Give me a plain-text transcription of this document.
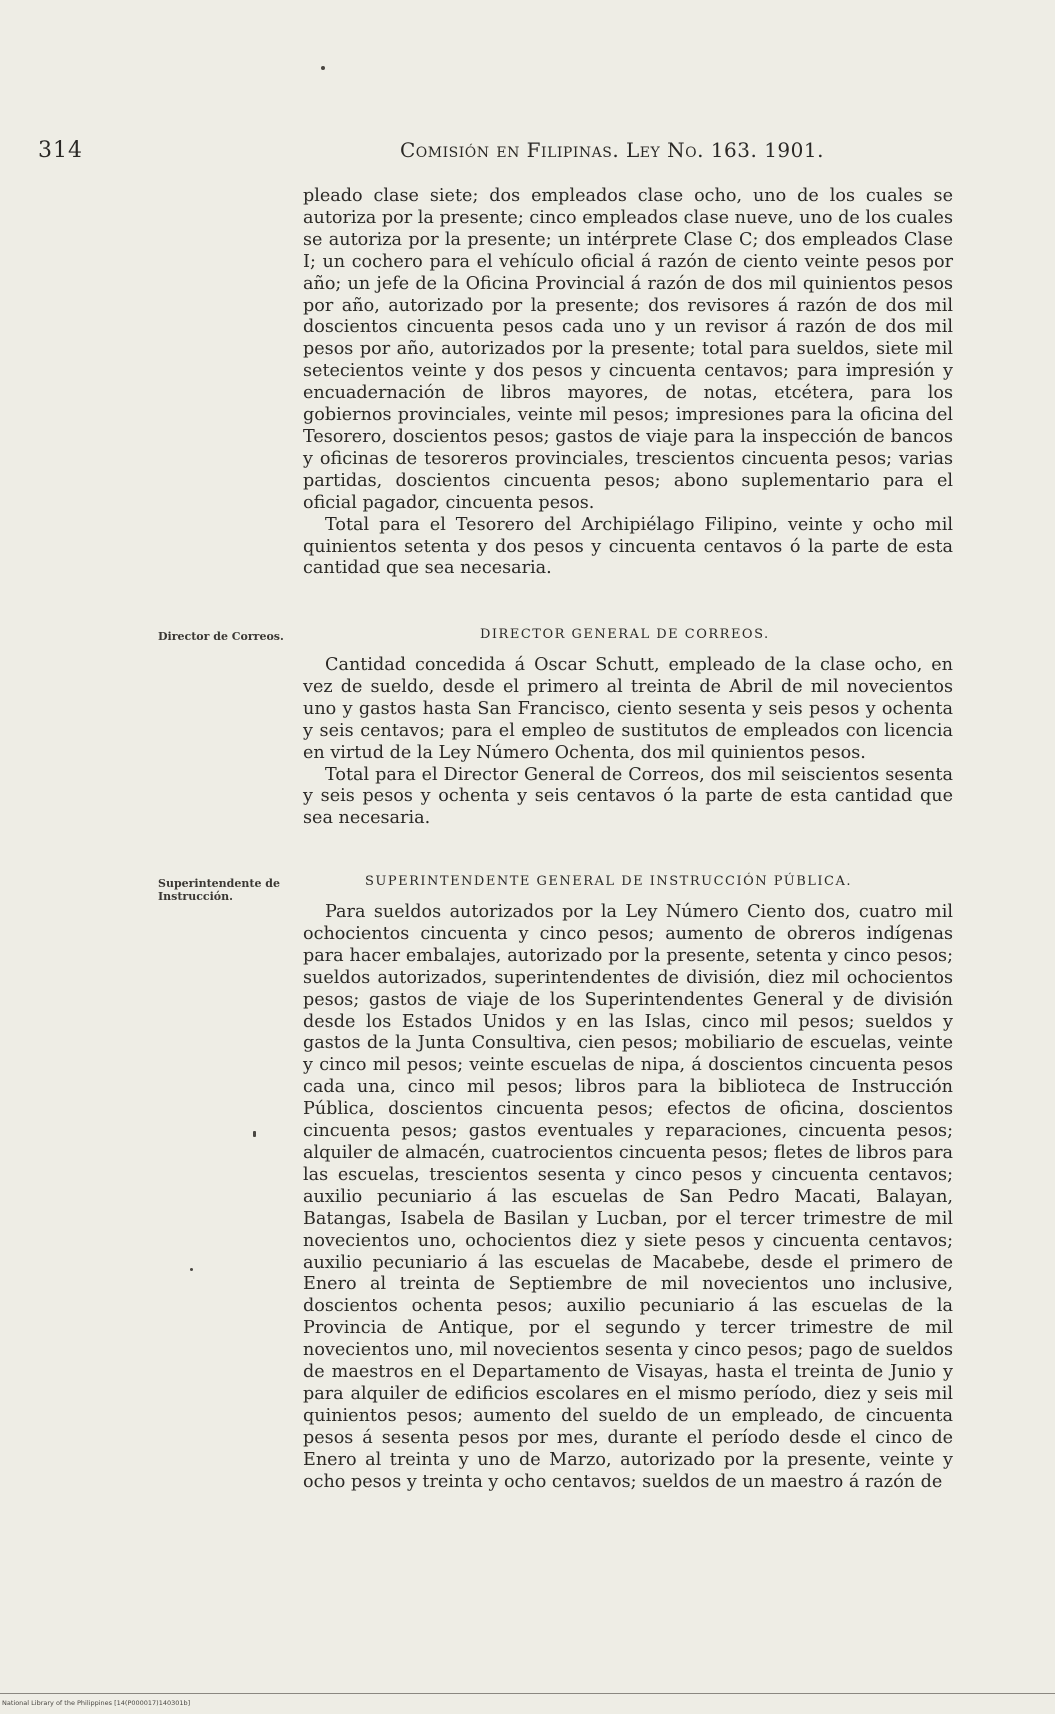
314	Comisión en Filipinas. Ley No. 163. 1901.

pleado clase siete; dos empleados clase ocho, uno de los cuales se autoriza por la presente; cinco empleados clase nueve, uno de los cuales se autoriza por la presente; un intérprete Clase C; dos empleados Clase I; un cochero para el vehículo oficial á razón de ciento veinte pesos por año; un jefe de la Oficina Provincial á razón de dos mil quinientos pesos por año, autorizado por la presente; dos revisores á razón de dos mil doscientos cincuenta pesos cada uno y un revisor á razón de dos mil pesos por año, autorizados por la presente; total para sueldos, siete mil setecientos veinte y dos pesos y cincuenta centavos; para impresión y encuadernación de libros mayores, de notas, etcétera, para los gobiernos provinciales, veinte mil pesos; impresiones para la oficina del Tesorero, doscientos pesos; gastos de viaje para la inspección de bancos y oficinas de tesoreros provinciales, trescientos cincuenta pesos; varias partidas, doscientos cincuenta pesos; abono suplementario para el oficial pagador, cincuenta pesos.

Total para el Tesorero del Archipiélago Filipino, veinte y ocho mil quinientos setenta y dos pesos y cincuenta centavos ó la parte de esta cantidad que sea necesaria.

Director de Correos.	DIRECTOR GENERAL DE CORREOS.

Cantidad concedida á Oscar Schutt, empleado de la clase ocho, en vez de sueldo, desde el primero al treinta de Abril de mil novecientos uno y gastos hasta San Francisco, ciento sesenta y seis pesos y ochenta y seis centavos; para el empleo de sustitutos de empleados con licencia en virtud de la Ley Número Ochenta, dos mil quinientos pesos.

Total para el Director General de Correos, dos mil seiscientos sesenta y seis pesos y ochenta y seis centavos ó la parte de esta cantidad que sea necesaria.

Superintendente de Instrucción.
SUPERINTENDENTE GENERAL DE INSTRUCCIÓN PÚBLICA.

Para sueldos autorizados por la Ley Número Ciento dos, cuatro mil ochocientos cincuenta y cinco pesos; aumento de obreros indígenas para hacer embalajes, autorizado por la presente, setenta y cinco pesos; sueldos autorizados, superintendentes de división, diez mil ochocientos pesos; gastos de viaje de los Superintendentes General y de división desde los Estados Unidos y en las Islas, cinco mil pesos; sueldos y gastos de la Junta Consultiva, cien pesos; mobiliario de escuelas, veinte y cinco mil pesos; veinte escuelas de nipa, á doscientos cincuenta pesos cada una, cinco mil pesos; libros para la biblioteca de Instrucción Pública, doscientos cincuenta pesos; efectos de oficina, doscientos cincuenta pesos; gastos eventuales y reparaciones, cincuenta pesos; alquiler de almacén, cuatrocientos cincuenta pesos; fletes de libros para las escuelas, trescientos sesenta y cinco pesos y cincuenta centavos; auxilio pecuniario á las escuelas de San Pedro Macati, Balayan, Batangas, Isabela de Basilan y Lucban, por el tercer trimestre de mil novecientos uno, ochocientos diez y siete pesos y cincuenta centavos; auxilio pecuniario á las escuelas de Macabebe, desde el primero de Enero al treinta de Septiembre de mil novecientos uno inclusive, doscientos ochenta pesos; auxilio pecuniario á las escuelas de la Provincia de Antique, por el segundo y tercer trimestre de mil novecientos uno, mil novecientos sesenta y cinco pesos; pago de sueldos de maestros en el Departamento de Visayas, hasta el treinta de Junio y para alquiler de edificios escolares en el mismo período, diez y seis mil quinientos pesos; aumento del sueldo de un empleado, de cincuenta pesos á sesenta pesos por mes, durante el período desde el cinco de Enero al treinta y uno de Marzo, autorizado por la presente, veinte y ocho pesos y treinta y ocho centavos; sueldos de un maestro á razón de

National Library of the Philippines [14(P000017)140301b]
